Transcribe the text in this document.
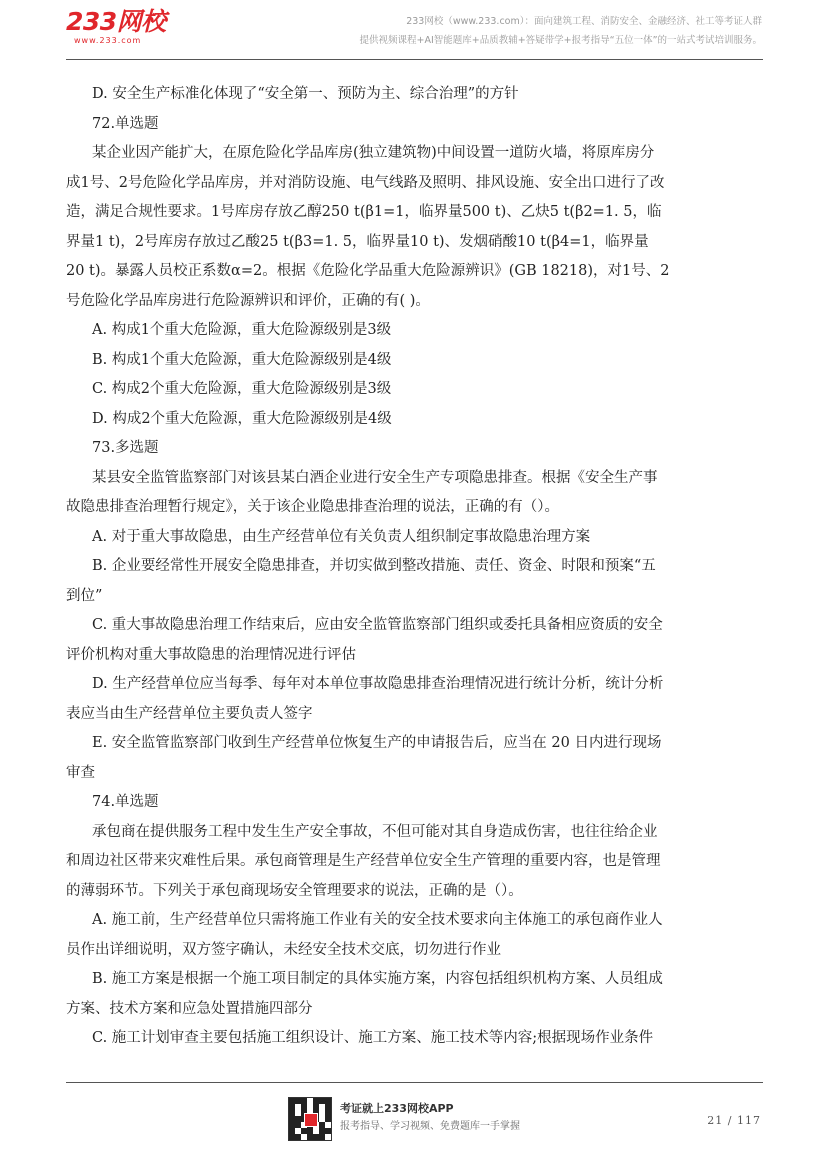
233网校
www.233.com
233网校（www.233.com）：面向建筑工程、消防安全、金融经济、社工等考证人群
提供视频课程+AI智能题库+品质教辅+答疑带学+报考指导“五位一体”的一站式考试培训服务。

D. 安全生产标准化体现了“安全第一、预防为主、综合治理”的方针

72.单选题

某企业因产能扩大，在原危险化学品库房(独立建筑物)中间设置一道防火墙，将原库房分

成1号、2号危险化学品库房，并对消防设施、电气线路及照明、排风设施、安全出口进行了改

造，满足合规性要求。1号库房存放乙醇250 t(β1=1，临界量500 t)、乙炔5 t(β2=1. 5，临

界量1 t)，2号库房存放过乙酸25 t(β3=1. 5，临界量10 t)、发烟硝酸10 t(β4=1，临界量

20 t)。暴露人员校正系数α=2。根据《危险化学品重大危险源辨识》(GB 18218)，对1号、2

号危险化学品库房进行危险源辨识和评价，正确的有( )。

A. 构成1个重大危险源，重大危险源级别是3级

B. 构成1个重大危险源，重大危险源级别是4级

C. 构成2个重大危险源，重大危险源级别是3级

D. 构成2个重大危险源，重大危险源级别是4级

73.多选题

某县安全监管监察部门对该县某白酒企业进行安全生产专项隐患排查。根据《安全生产事

故隐患排查治理暂行规定》，关于该企业隐患排查治理的说法，正确的有（）。

A. 对于重大事故隐患，由生产经营单位有关负责人组织制定事故隐患治理方案

B. 企业要经常性开展安全隐患排查，并切实做到整改措施、责任、资金、时限和预案“五

到位”

C. 重大事故隐患治理工作结束后，应由安全监管监察部门组织或委托具备相应资质的安全

评价机构对重大事故隐患的治理情况进行评估

D. 生产经营单位应当每季、每年对本单位事故隐患排查治理情况进行统计分析，统计分析

表应当由生产经营单位主要负责人签字

E. 安全监管监察部门收到生产经营单位恢复生产的申请报告后，应当在 20 日内进行现场

审查

74.单选题

承包商在提供服务工程中发生生产安全事故，不但可能对其自身造成伤害，也往往给企业

和周边社区带来灾难性后果。承包商管理是生产经营单位安全生产管理的重要内容，也是管理

的薄弱环节。下列关于承包商现场安全管理要求的说法，正确的是（）。

A. 施工前，生产经营单位只需将施工作业有关的安全技术要求向主体施工的承包商作业人

员作出详细说明，双方签字确认，未经安全技术交底，切勿进行作业

B. 施工方案是根据一个施工项目制定的具体实施方案，内容包括组织机构方案、人员组成

方案、技术方案和应急处置措施四部分

C. 施工计划审查主要包括施工组织设计、施工方案、施工技术等内容;根据现场作业条件

考证就上233网校APP
报考指导、学习视频、免费题库一手掌握	21 / 117
